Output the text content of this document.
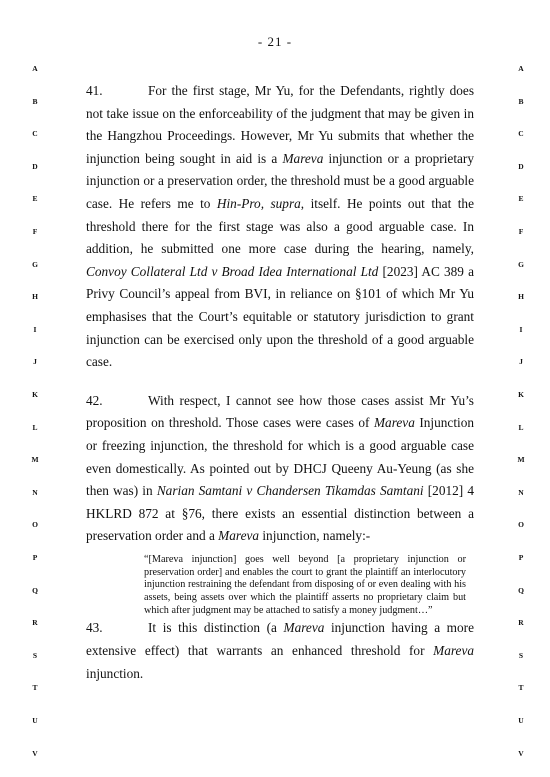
- 21 -
A	A
B	B
C	C
D	D
E	E
F	F
G	G
H	H
I	I
J	J
K	K
L	L
M	M
N	N
O	O
P	P
Q	Q
R	R
S	S
T	T
U	U
V	V

41.	For the first stage, Mr Yu, for the Defendants, rightly does not take issue on the enforceability of the judgment that may be given in the Hangzhou Proceedings. However, Mr Yu submits that whether the injunction being sought in aid is a Mareva injunction or a proprietary injunction or a preservation order, the threshold must be a good arguable case. He refers me to Hin-Pro, supra, itself. He points out that the threshold there for the first stage was also a good arguable case. In addition, he submitted one more case during the hearing, namely, Convoy Collateral Ltd v Broad Idea International Ltd [2023] AC 389 a Privy Council’s appeal from BVI, in reliance on §101 of which Mr Yu emphasises that the Court’s equitable or statutory jurisdiction to grant injunction can be exercised only upon the threshold of a good arguable case.

42.	With respect, I cannot see how those cases assist Mr Yu’s proposition on threshold. Those cases were cases of Mareva Injunction or freezing injunction, the threshold for which is a good arguable case even domestically. As pointed out by DHCJ Queeny Au-Yeung (as she then was) in Narian Samtani v Chandersen Tikamdas Samtani [2012] 4 HKLRD 872 at §76, there exists an essential distinction between a preservation order and a Mareva injunction, namely:-

“[Mareva injunction] goes well beyond [a proprietary injunction or preservation order] and enables the court to grant the plaintiff an interlocutory injunction restraining the defendant from disposing of or even dealing with his assets, being assets over which the plaintiff asserts no proprietary claim but which after judgment may be attached to satisfy a money judgment…”

43.	It is this distinction (a Mareva injunction having a more extensive effect) that warrants an enhanced threshold for Mareva injunction.
